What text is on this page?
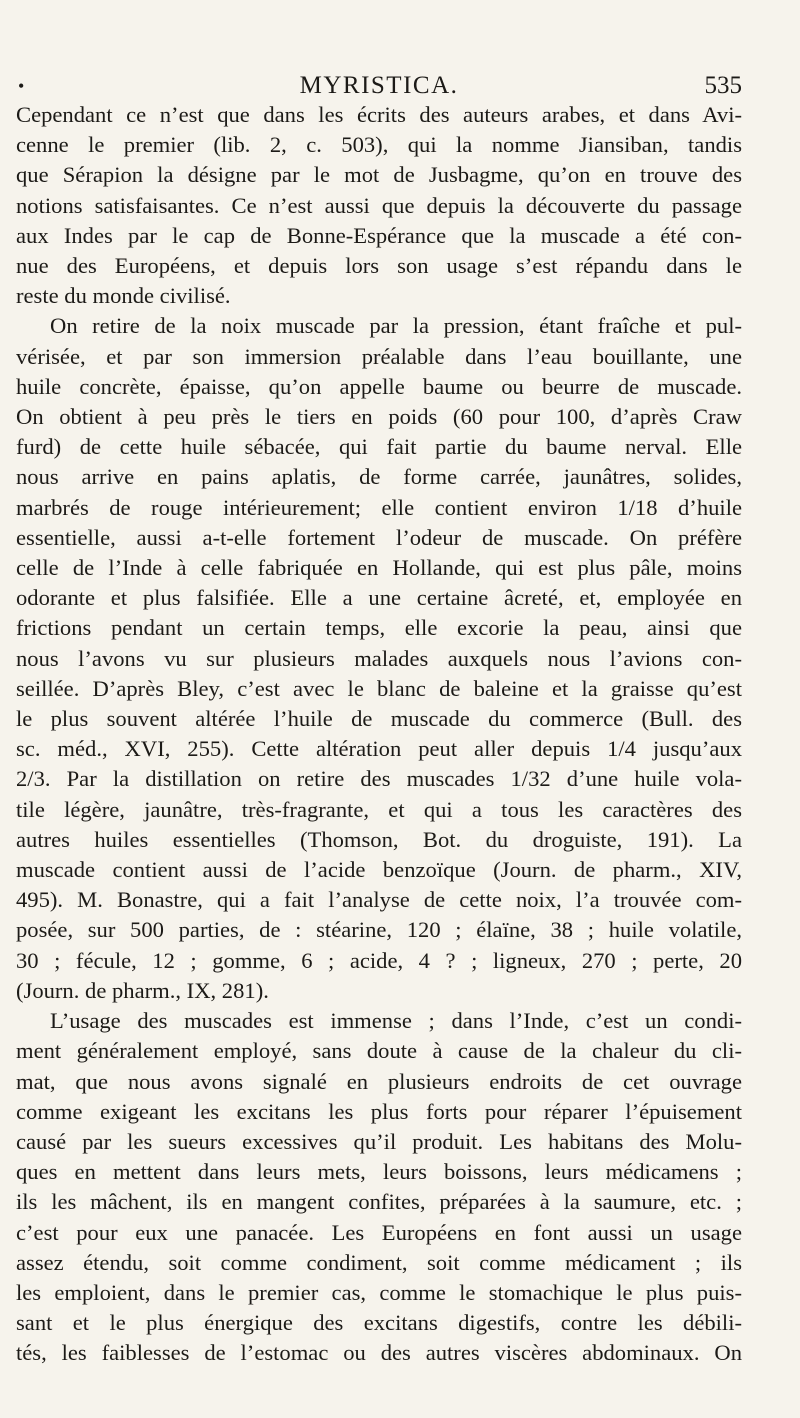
•	MYRISTICA.	535
Cependant ce n’est que dans les écrits des auteurs arabes, et dans Avi-
cenne le premier (lib. 2, c. 503), qui la nomme Jiansiban, tandis
que Sérapion la désigne par le mot de Jusbagme, qu’on en trouve des
notions satisfaisantes. Ce n’est aussi que depuis la découverte du passage
aux Indes par le cap de Bonne-Espérance que la muscade a été con-
nue des Européens, et depuis lors son usage s’est répandu dans le
reste du monde civilisé.
On retire de la noix muscade par la pression, étant fraîche et pul-
vérisée, et par son immersion préalable dans l’eau bouillante, une
huile concrète, épaisse, qu’on appelle baume ou beurre de muscade.
On obtient à peu près le tiers en poids (60 pour 100, d’après Craw
furd) de cette huile sébacée, qui fait partie du baume nerval. Elle
nous arrive en pains aplatis, de forme carrée, jaunâtres, solides,
marbrés de rouge intérieurement; elle contient environ 1/18 d’huile
essentielle, aussi a-t-elle fortement l’odeur de muscade. On préfère
celle de l’Inde à celle fabriquée en Hollande, qui est plus pâle, moins
odorante et plus falsifiée. Elle a une certaine âcreté, et, employée en
frictions pendant un certain temps, elle excorie la peau, ainsi que
nous l’avons vu sur plusieurs malades auxquels nous l’avions con-
seillée. D’après Bley, c’est avec le blanc de baleine et la graisse qu’est
le plus souvent altérée l’huile de muscade du commerce (Bull. des
sc. méd., XVI, 255). Cette altération peut aller depuis 1/4 jusqu’aux
2/3. Par la distillation on retire des muscades 1/32 d’une huile vola-
tile légère, jaunâtre, très-fragrante, et qui a tous les caractères des
autres huiles essentielles (Thomson, Bot. du droguiste, 191). La
muscade contient aussi de l’acide benzoïque (Journ. de pharm., XIV,
495). M. Bonastre, qui a fait l’analyse de cette noix, l’a trouvée com-
posée, sur 500 parties, de : stéarine, 120 ; élaïne, 38 ; huile volatile,
30 ; fécule, 12 ; gomme, 6 ; acide, 4 ? ; ligneux, 270 ; perte, 20
(Journ. de pharm., IX, 281).
L’usage des muscades est immense ; dans l’Inde, c’est un condi-
ment généralement employé, sans doute à cause de la chaleur du cli-
mat, que nous avons signalé en plusieurs endroits de cet ouvrage
comme exigeant les excitans les plus forts pour réparer l’épuisement
causé par les sueurs excessives qu’il produit. Les habitans des Molu-
ques en mettent dans leurs mets, leurs boissons, leurs médicamens ;
ils les mâchent, ils en mangent confites, préparées à la saumure, etc. ;
c’est pour eux une panacée. Les Européens en font aussi un usage
assez étendu, soit comme condiment, soit comme médicament ; ils
les emploient, dans le premier cas, comme le stomachique le plus puis-
sant et le plus énergique des excitans digestifs, contre les débili-
tés, les faiblesses de l’estomac ou des autres viscères abdominaux. On
